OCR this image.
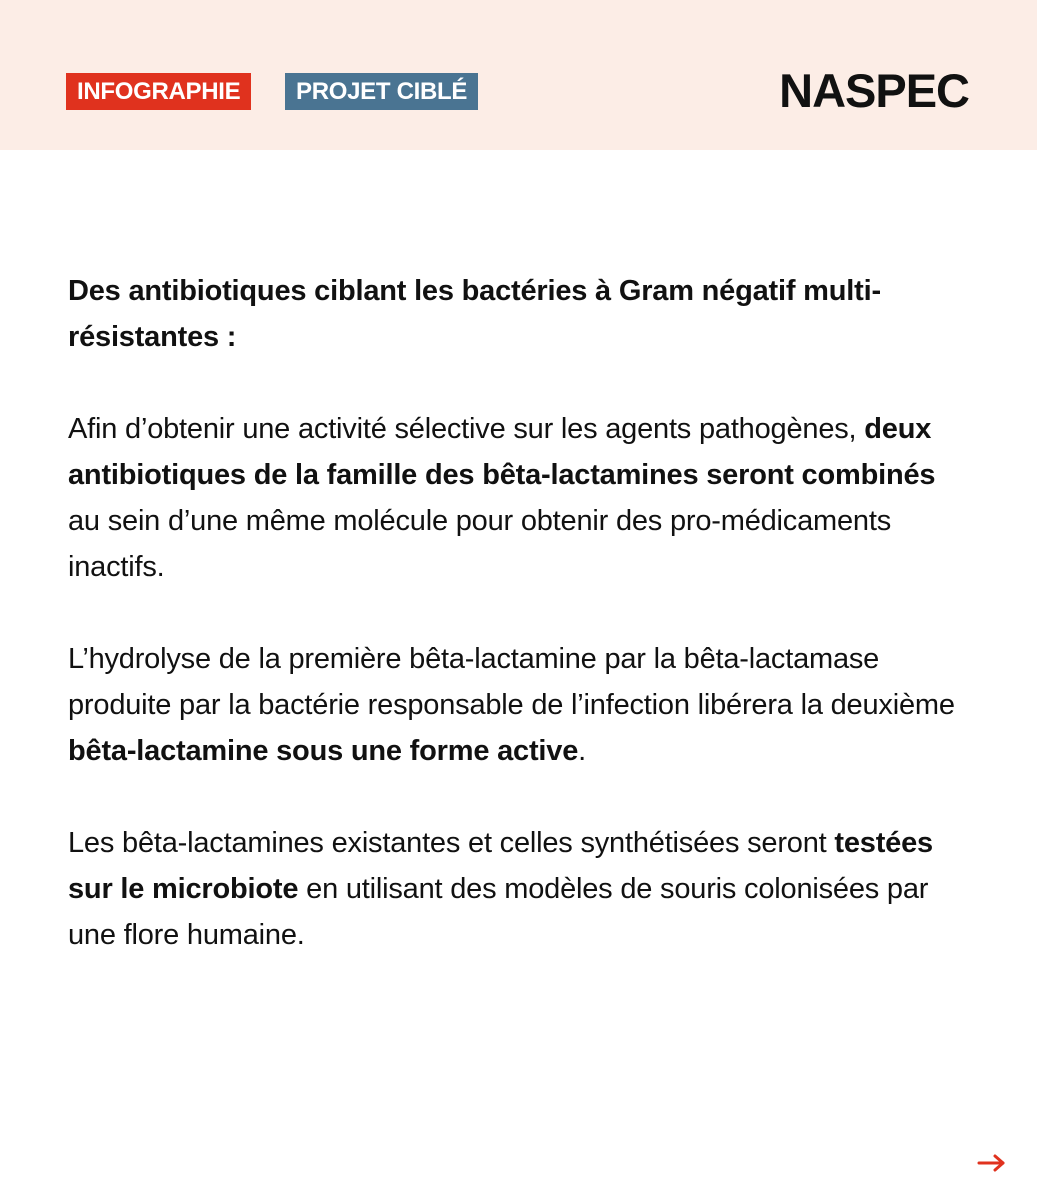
INFOGRAPHIE	PROJET CIBLÉ	NASPEC

Des antibiotiques ciblant les bactéries à Gram négatif multi-résistantes :

Afin d’obtenir une activité sélective sur les agents pathogènes, deux antibiotiques de la famille des bêta-lactamines seront combinés au sein d’une même molécule pour obtenir des pro-médicaments inactifs.

L’hydrolyse de la première bêta-lactamine par la bêta-lactamase produite par la bactérie responsable de l’infection libérera la deuxième bêta-lactamine sous une forme active.

Les bêta-lactamines existantes et celles synthétisées seront testées sur le microbiote en utilisant des modèles de souris colonisées par une flore humaine.
